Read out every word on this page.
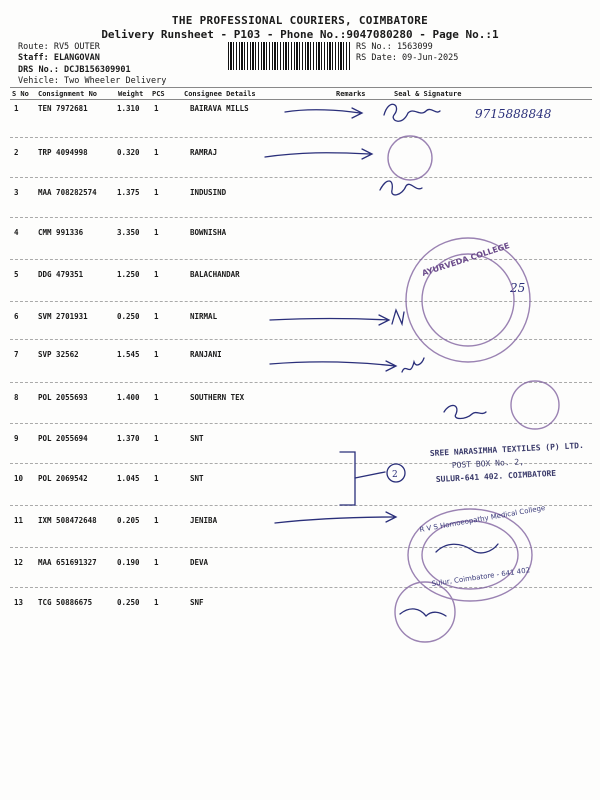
THE PROFESSIONAL COURIERS, COIMBATORE
Delivery Runsheet - P103 - Phone No.:9047080280 - Page No.:1
Route: RV5 OUTER
Staff: ELANGOVAN
DRS No.: DCJB156309901
Vehicle: Two Wheeler Delivery
RS No.: 1563099
RS Date: 09-Jun-2025
S No Consignment No	Weight PCS	Consignee Details	Remarks	Seal & Signature
1	TEN 7972681	1.310 1	BAIRAVA MILLS
2	TRP 4094998	0.320 1	RAMRAJ
3	MAA 708282574	1.375 1	INDUSIND
4	CMM 991336	3.350 1	BOWNISHA
5	DDG 479351	1.250 1	BALACHANDAR
6	SVM 2701931	0.250 1	NIRMAL
7	SVP 32562	1.545 1	RANJANI
8	POL 2055693	1.400 1	SOUTHERN TEX
9	POL 2055694	1.370 1	SNT
10 POL 2069542	1.045 1	SNT
11 IXM 508472648	0.205 1	JENIBA
12 MAA 651691327	0.190 1	DEVA
13 TCG 50886675	0.250 1	SNF
9715888848
25
2
AYURVEDA COLLEGE
SREE NARASIMHA TEXTILES (P) LTD.
POST BOX No. 2,
SULUR-641 402. COIMBATORE
R V S Homoeopathy Medical College
Sulur, Coimbatore - 641 402
